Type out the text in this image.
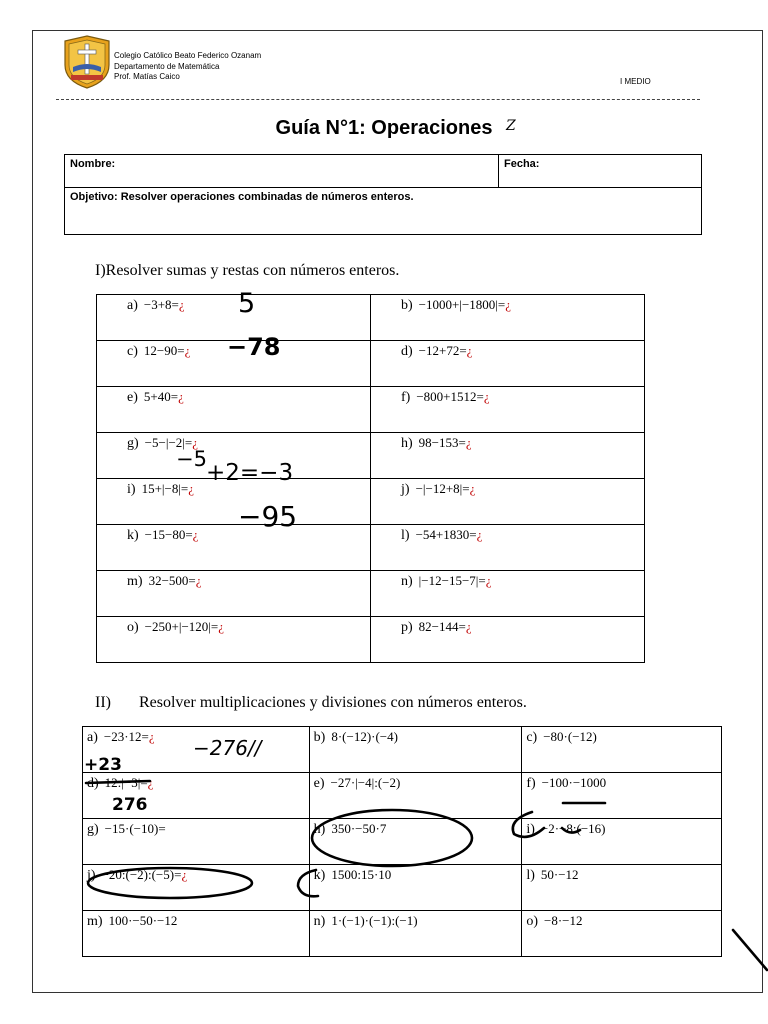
Colegio Católico Beato Federico Ozanam
Departamento de Matemática
Prof. Matías Caico
I MEDIO
Guía N°1: Operaciones Z
Nombre:	Fecha:
Objetivo: Resolver operaciones combinadas de números enteros.
I)Resolver sumas y restas con números enteros.
a) −3+8=¿	b) −1000+|−1800|=¿
c) 12−90=¿	d) −12+72=¿
e) 5+40=¿	f) −800+1512=¿
g) −5−|−2|=¿	h) 98−153=¿
i) 15+|−8|=¿	j) −|−12+8|=¿
k) −15−80=¿	l) −54+1830=¿
m) 32−500=¿	n) |−12−15−7|=¿
o) −250+|−120|=¿	p) 82−144=¿
II) Resolver multiplicaciones y divisiones con números enteros.
a) −23·12=¿	b) 8·(−12)·(−4)	c) −80·(−12)
d) 12:|−3|=¿	e) −27·|−4|:(−2)	f) −100·−1000
g) −15·(−10)=	h) 350·−50·7	i) −2·−8:(−16)
j) −20:(−2):(−5)=¿	k) 1500:15·10	l) 50·−12
m) 100·−50·−12	n) 1·(−1)·(−1):(−1)	o) −8·−12
5
−78
−5
+2=−3
−95
−276//
+23
276
